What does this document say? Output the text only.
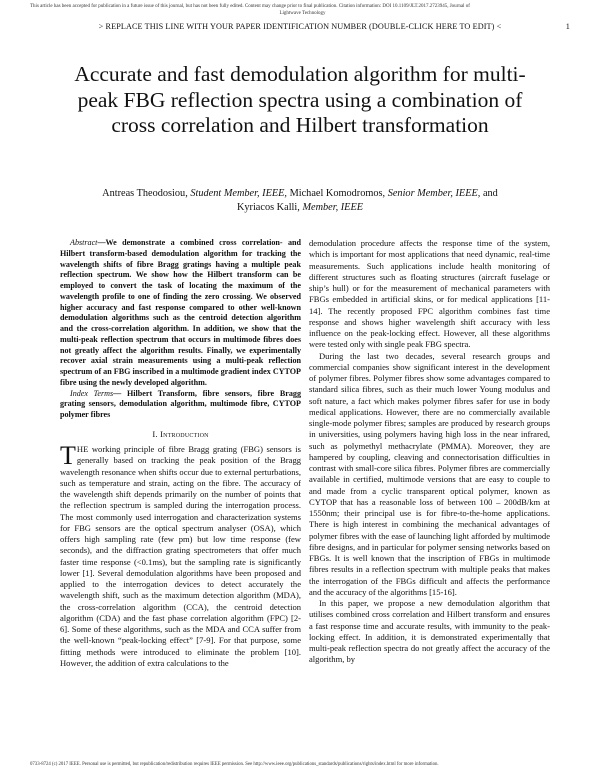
This article has been accepted for publication in a future issue of this journal, but has not been fully edited. Content may change prior to final publication. Citation information: DOI 10.1109/JLT.2017.2723945, Journal of
Lightwave Technology
> REPLACE THIS LINE WITH YOUR PAPER IDENTIFICATION NUMBER (DOUBLE-CLICK HERE TO EDIT) <	1
Accurate and fast demodulation algorithm for multi-peak FBG reflection spectra using a combination of cross correlation and Hilbert transformation
Antreas Theodosiou, Student Member, IEEE, Michael Komodromos, Senior Member, IEEE, and
Kyriacos Kalli, Member, IEEE

Abstract—We demonstrate a combined cross correlation- and Hilbert transform-based demodulation algorithm for tracking the wavelength shifts of fibre Bragg gratings having a multiple peak reflection spectrum. We show how the Hilbert transform can be employed to convert the task of locating the maximum of the wavelength profile to one of finding the zero crossing. We observed higher accuracy and fast response compared to other well-known demodulation algorithms such as the centroid detection algorithm and the cross-correlation algorithm. In addition, we show that the multi-peak reflection spectrum that occurs in multimode fibres does not greatly affect the algorithm results. Finally, we experimentally recover axial strain measurements using a multi-peak reflection spectrum of an FBG inscribed in a multimode gradient index CYTOP fibre using the newly developed algorithm.

Index Terms— Hilbert Transform, fibre sensors, fibre Bragg grating sensors, demodulation algorithm, multimode fibre, CYTOP polymer fibres

I. Introduction

THE working principle of fibre Bragg grating (FBG) sensors is generally based on tracking the peak position of the Bragg wavelength resonance when shifts occur due to external perturbations, such as temperature and strain, acting on the fibre. The accuracy of the wavelength shift depends primarily on the number of points that the reflection spectrum is sampled during the interrogation process. The most commonly used interrogation and characterization systems for FBG sensors are the optical spectrum analyser (OSA), which offers high sampling rate (few pm) but low time response (few seconds), and the diffraction grating spectrometers that offer much faster time response (<0.1ms), but the sampling rate is significantly lower [1]. Several demodulation algorithms have been proposed and applied to the interrogation devices to detect accurately the wavelength shift, such as the maximum detection algorithm (MDA), the cross-correlation algorithm (CCA), the centroid detection algorithm (CDA) and the fast phase correlation algorithm (FPC) [2-6]. Some of these algorithms, such as the MDA and CCA suffer from the well-known “peak-locking effect” [7-9]. For that purpose, some fitting methods were introduced to eliminate the problem [10]. However, the addition of extra calculations to the

demodulation procedure affects the response time of the system, which is important for most applications that need dynamic, real-time measurements. Such applications include health monitoring of different structures such as floating structures (aircraft fuselage or ship’s hull) or for the measurement of mechanical parameters with FBGs embedded in artificial skins, or for medical applications [11-14]. The recently proposed FPC algorithm combines fast time response and shows higher wavelength shift accuracy with less influence on the peak-locking effect. However, all these algorithms were tested only with single peak FBG spectra.

During the last two decades, several research groups and commercial companies show significant interest in the development of polymer fibres. Polymer fibres show some advantages compared to standard silica fibres, such as their much lower Young modulus and soft nature, a fact which makes polymer fibres safer for use in body medical applications. However, there are no commercially available single-mode polymer fibres; samples are produced by research groups in universities, using polymers having high loss in the near infrared, such as polymethyl methacrylate (PMMA). Moreover, they are hampered by coupling, cleaving and connectorisation difficulties in contrast with small-core silica fibres. Polymer fibres are commercially available in certified, multimode versions that are easy to couple to and made from a cyclic transparent optical polymer, known as CYTOP that has a reasonable loss of between 100 – 200dB/km at 1550nm; their principal use is for fibre-to-the-home applications. There is high interest in combining the mechanical advantages of polymer fibres with the ease of launching light afforded by multimode fibre designs, and in particular for polymer sensing networks based on FBGs. It is well known that the inscription of FBGs in multimode fibres results in a reflection spectrum with multiple peaks that makes the interrogation of the FBGs difficult and affects the performance and the accuracy of the algorithms [15-16].

In this paper, we propose a new demodulation algorithm that utilises combined cross correlation and Hilbert transform and ensures a fast response time and accurate results, with immunity to the peak-locking effect. In addition, it is demonstrated experimentally that multi-peak reflection spectra do not greatly affect the accuracy of the algorithm, by

0733-8724 (c) 2017 IEEE. Personal use is permitted, but republication/redistribution requires IEEE permission. See http://www.ieee.org/publications_standards/publications/rights/index.html for more information.
